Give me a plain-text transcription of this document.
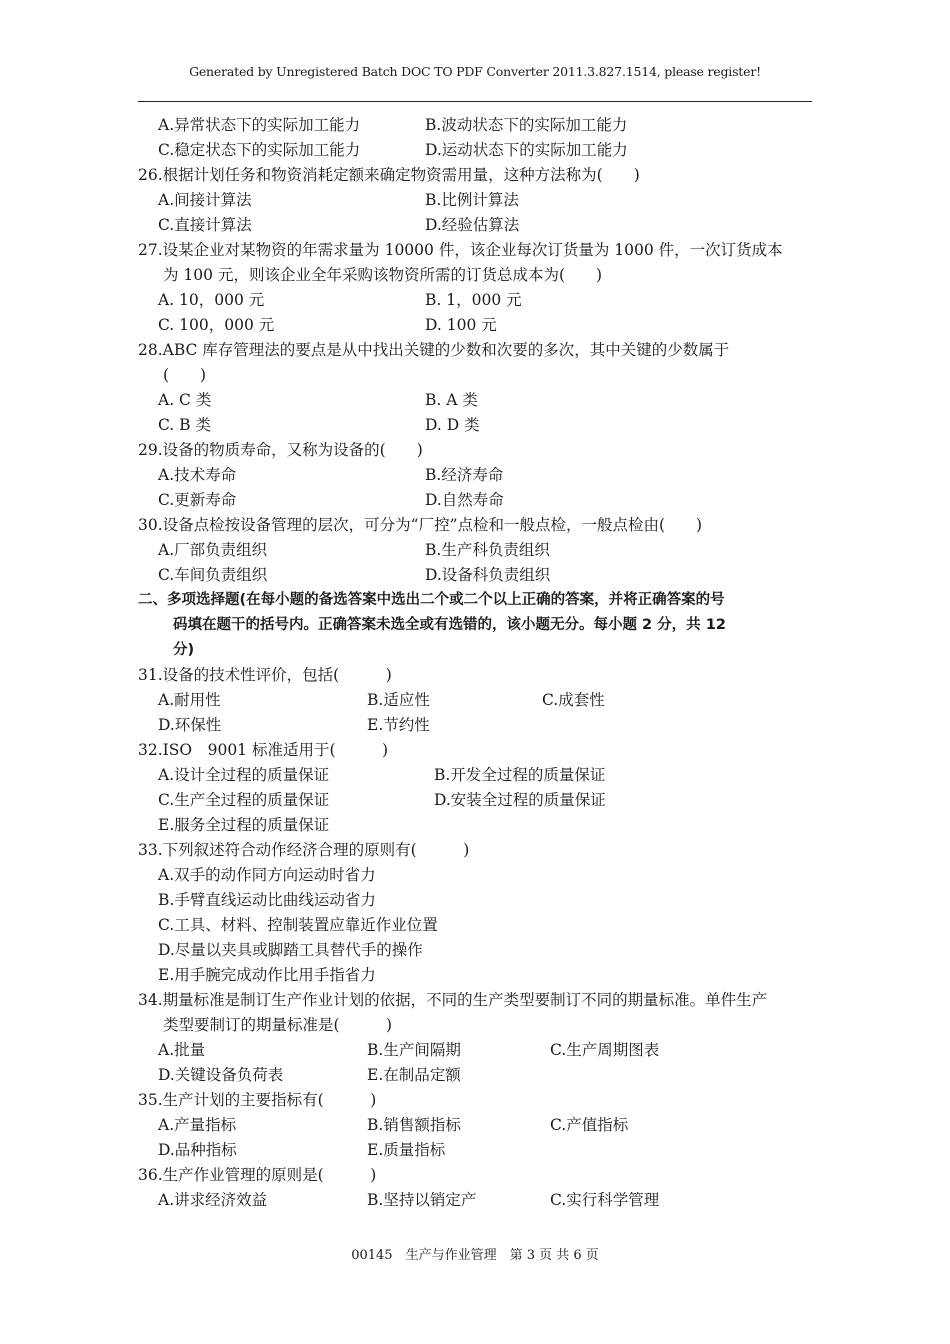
Generated by Unregistered Batch DOC TO PDF Converter 2011.3.827.1514, please register!
A.异常状态下的实际加工能力	B.波动状态下的实际加工能力
C.稳定状态下的实际加工能力	D.运动状态下的实际加工能力
26.根据计划任务和物资消耗定额来确定物资需用量，这种方法称为(　　)
A.间接计算法	B.比例计算法
C.直接计算法	D.经验估算法
27.设某企业对某物资的年需求量为 10000 件，该企业每次订货量为 1000 件，一次订货成本
为 100 元，则该企业全年采购该物资所需的订货总成本为(　　)
A. 10，000 元	B. 1，000 元
C. 100，000 元	D. 100 元
28.ABC 库存管理法的要点是从中找出关键的少数和次要的多次，其中关键的少数属于
(　　)
A. C 类	B. A 类
C. B 类	D. D 类
29.设备的物质寿命，又称为设备的(　　)
A.技术寿命	B.经济寿命
C.更新寿命	D.自然寿命
30.设备点检按设备管理的层次，可分为“厂控”点检和一般点检，一般点检由(　　)
A.厂部负责组织	B.生产科负责组织
C.车间负责组织	D.设备科负责组织
二、多项选择题(在每小题的备选答案中选出二个或二个以上正确的答案，并将正确答案的号
码填在题干的括号内。正确答案未选全或有选错的，该小题无分。每小题 2 分，共 12
分)
31.设备的技术性评价，包括(　　　)
A.耐用性	B.适应性	C.成套性
D.环保性	E.节约性
32.ISO　9001 标准适用于(　　　)
A.设计全过程的质量保证	B.开发全过程的质量保证
C.生产全过程的质量保证	D.安装全过程的质量保证
E.服务全过程的质量保证
33.下列叙述符合动作经济合理的原则有(　　　)
A.双手的动作同方向运动时省力
B.手臂直线运动比曲线运动省力
C.工具、材料、控制装置应靠近作业位置
D.尽量以夹具或脚踏工具替代手的操作
E.用手腕完成动作比用手指省力
34.期量标准是制订生产作业计划的依据，不同的生产类型要制订不同的期量标准。单件生产
类型要制订的期量标准是(　　　)
A.批量	B.生产间隔期	C.生产周期图表
D.关键设备负荷表	E.在制品定额
35.生产计划的主要指标有(　　　)
A.产量指标	B.销售额指标	C.产值指标
D.品种指标	E.质量指标
36.生产作业管理的原则是(　　　)
A.讲求经济效益	B.坚持以销定产	C.实行科学管理
00145　生产与作业管理　第 3 页 共 6 页
